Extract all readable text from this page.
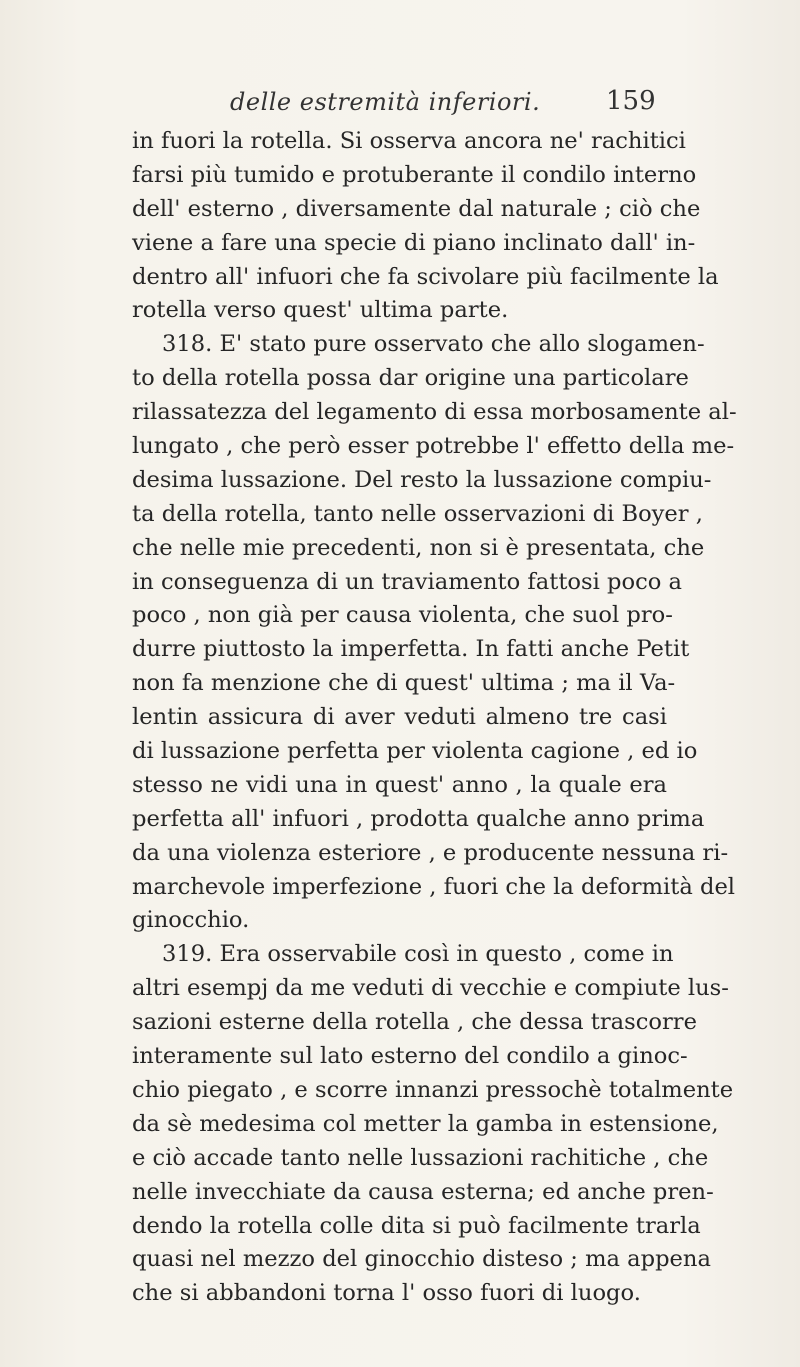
delle estremità inferiori.	159
in fuori la rotella. Si osserva ancora ne' rachitici
farsi più tumido e protuberante il condilo interno
dell' esterno , diversamente dal naturale ; ciò che
viene a fare una specie di piano inclinato dall' in-
dentro all' infuori che fa scivolare più facilmente la
rotella verso quest' ultima parte.
318. E' stato pure osservato che allo slogamen-
to della rotella possa dar origine una particolare
rilassatezza del legamento di essa morbosamente al-
lungato , che però esser potrebbe l' effetto della me-
desima lussazione. Del resto la lussazione compiu-
ta della rotella, tanto nelle osservazioni di Boyer ,
che nelle mie precedenti, non si è presentata, che
in conseguenza di un traviamento fattosi poco a
poco , non già per causa violenta, che suol pro-
durre piuttosto la imperfetta. In fatti anche Petit
non fa menzione che di quest' ultima ; ma il Va-
lentin assicura di aver veduti almeno tre casi
di lussazione perfetta per violenta cagione , ed io
stesso ne vidi una in quest' anno , la quale era
perfetta all' infuori , prodotta qualche anno prima
da una violenza esteriore , e producente nessuna ri-
marchevole imperfezione , fuori che la deformità del
ginocchio.
319. Era osservabile così in questo , come in
altri esempj da me veduti di vecchie e compiute lus-
sazioni esterne della rotella , che dessa trascorre
interamente sul lato esterno del condilo a ginoc-
chio piegato , e scorre innanzi pressochè totalmente
da sè medesima col metter la gamba in estensione,
e ciò accade tanto nelle lussazioni rachitiche , che
nelle invecchiate da causa esterna; ed anche pren-
dendo la rotella colle dita si può facilmente trarla
quasi nel mezzo del ginocchio disteso ; ma appena
che si abbandoni torna l' osso fuori di luogo.
